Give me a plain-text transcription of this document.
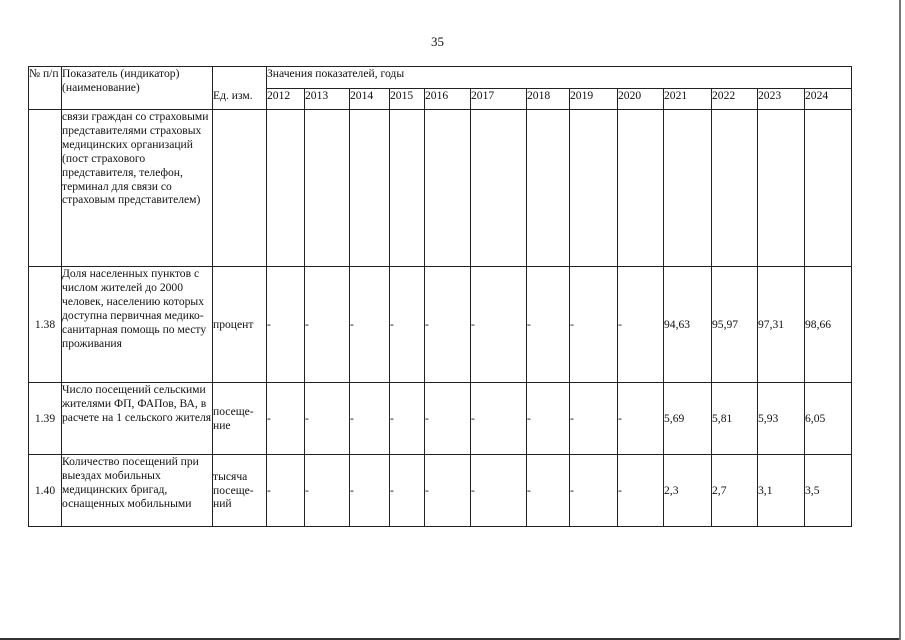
35
№ п/п	Показатель (индикатор) (наименование)	Ед. изм.	Значения показателей, годы												
			2012	2013	2014	2015	2016	2017	2018	2019	2020	2021	2022	2023	2024
	связи граждан со страховыми представителями страховых медицинских организаций (пост страхового представителя, телефон, терминал для связи со страховым представителем)														
1.38	Доля населенных пунктов с числом жителей до 2000 человек, населению которых доступна первичная медико-санитарная помощь по месту проживания	процент	-	-	-	-	-	-	-	-	-	94,63	95,97	97,31	98,66
1.39	Число посещений сельскими жителями ФП, ФАПов, ВА, в расчете на 1 сельского жителя	посеще-ние	-	-	-	-	-	-	-	-	-	5,69	5,81	5,93	6,05
1.40	Количество посещений при выездах мобильных медицинских бригад, оснащенных мобильными	тысяча посеще-ний	-	-	-	-	-	-	-	-	-	2,3	2,7	3,1	3,5
